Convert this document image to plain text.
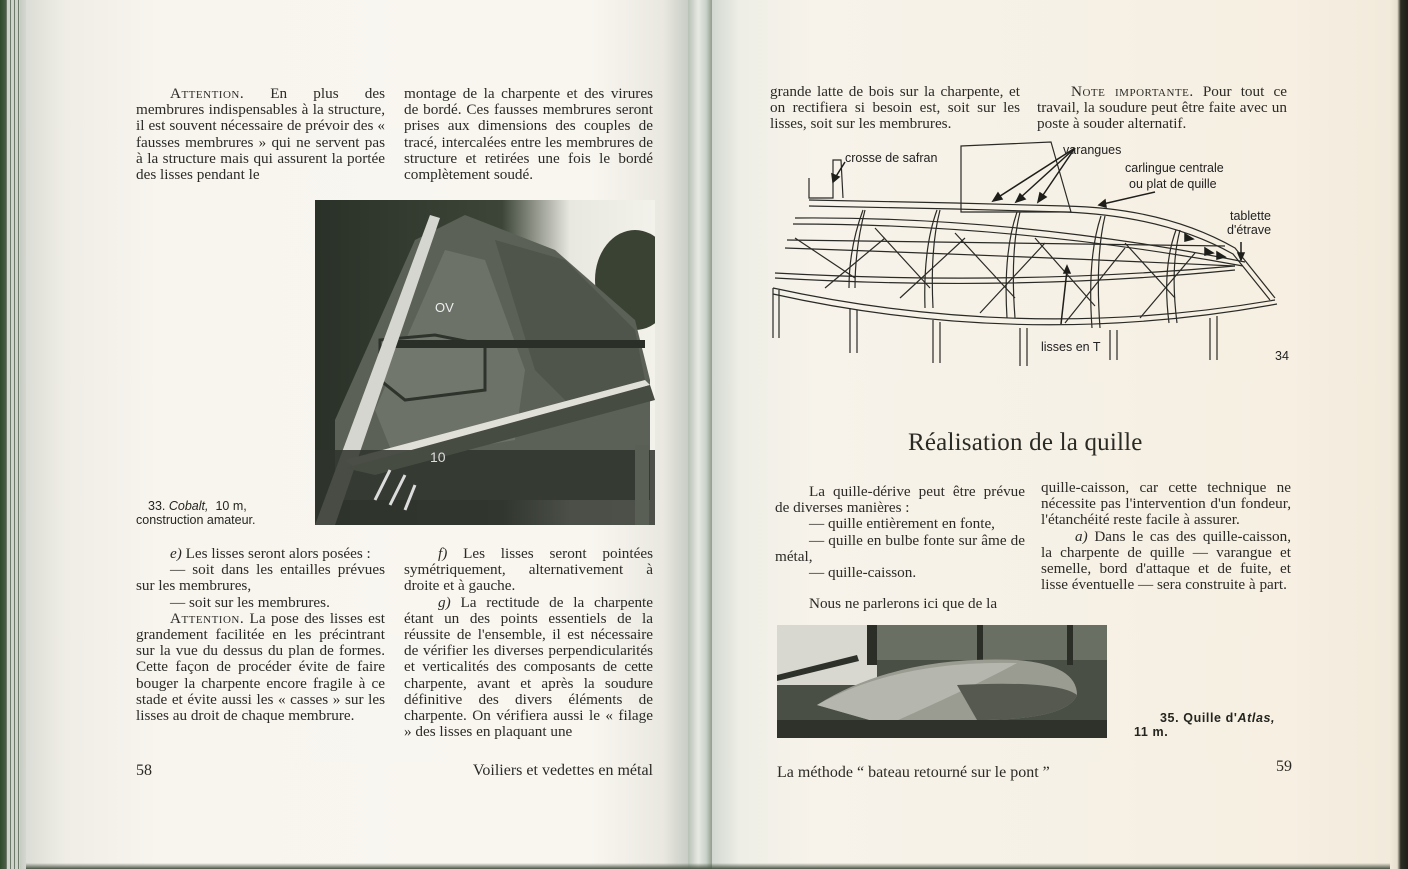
Attention. En plus des membrures indispensables à la structure, il est souvent nécessaire de prévoir des « fausses membrures » qui ne servent pas à la structure mais qui assurent la portée des lisses pendant le

montage de la charpente et des virures de bordé. Ces fausses membrures seront prises aux dimensions des couples de tracé, intercalées entre les membrures de structure et retirées une fois le bordé complètement soudé.

OV
10
33. Cobalt, 10 m,
construction amateur.

e) Les lisses seront alors posées :

— soit dans les entailles prévues sur les membrures,

— soit sur les membrures.

Attention. La pose des lisses est grandement facilitée en les précintrant sur la vue du dessus du plan de formes. Cette façon de procéder évite de faire bouger la charpente encore fragile à ce stade et évite aussi les « casses » sur les lisses au droit de chaque membrure.

f) Les lisses seront pointées symétriquement, alternativement à droite et à gauche.

g) La rectitude de la charpente étant un des points essentiels de la réussite de l'ensemble, il est nécessaire de vérifier les diverses perpendicularités et verticalités des composants de cette charpente, avant et après la soudure définitive des divers éléments de charpente. On vérifiera aussi le « filage » des lisses en plaquant une

58	Voiliers et vedettes en métal

grande latte de bois sur la charpente, et on rectifiera si besoin est, soit sur les lisses, soit sur les membrures.

Note importante. Pour tout ce travail, la soudure peut être faite avec un poste à souder alternatif.

crosse de safran
varangues
carlingue centrale
ou plat de quille
tablette
d'étrave
lisses en T
34
Réalisation de la quille

La quille-dérive peut être prévue de diverses manières :

— quille entièrement en fonte,

— quille en bulbe fonte sur âme de métal,

— quille-caisson.

Nous ne parlerons ici que de la

quille-caisson, car cette technique ne nécessite pas l'intervention d'un fondeur, l'étanchéité reste facile à assurer.

a) Dans le cas des quille-caisson, la charpente de quille — varangue et semelle, bord d'attaque et de fuite, et lisse éventuelle — sera construite à part.

35. Quille d'Atlas,
11 m.
La méthode “ bateau retourné sur le pont ”	59
